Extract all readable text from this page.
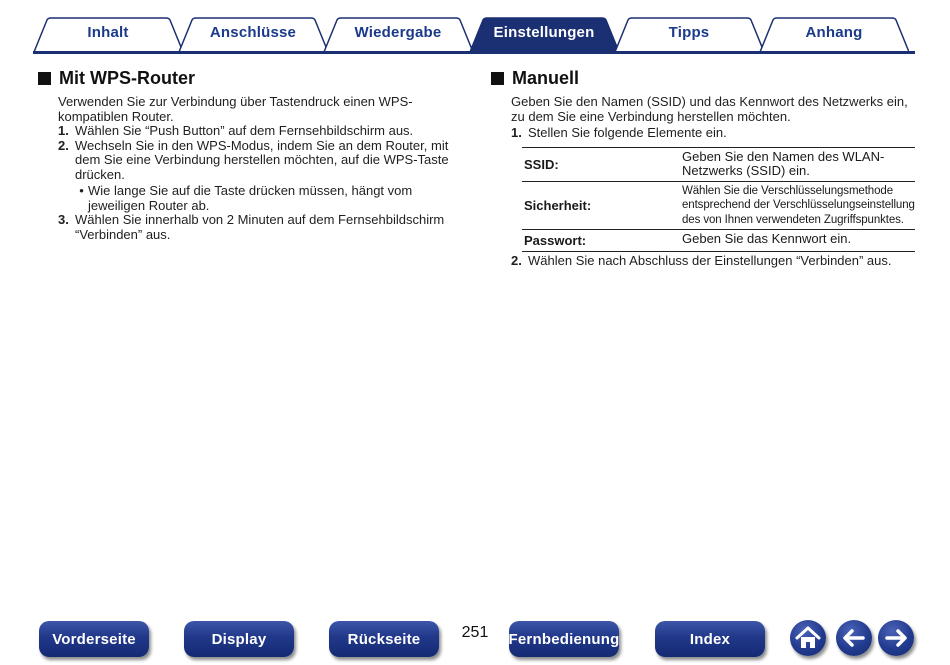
Inhalt	Anschlüsse	Wiedergabe	Einstellungen	Tipps	Anhang
Mit WPS-Router

Verwenden Sie zur Verbindung über Tastendruck einen WPS-kompatiblen Router.

1. Wählen Sie “Push Button” auf dem Fernsehbildschirm aus.
2. Wechseln Sie in den WPS-Modus, indem Sie an dem Router, mit dem Sie eine Verbindung herstellen möchten, auf die WPS-Taste drücken.
• Wie lange Sie auf die Taste drücken müssen, hängt vom jeweiligen Router ab.
3. Wählen Sie innerhalb von 2 Minuten auf dem Fernsehbildschirm “Verbinden” aus.
Manuell

Geben Sie den Namen (SSID) und das Kennwort des Netzwerks ein, zu dem Sie eine Verbindung herstellen möchten.

1. Stellen Sie folgende Elemente ein.
SSID:
Geben Sie den Namen des WLAN-Netzwerks (SSID) ein.
Sicherheit:
Wählen Sie die Verschlüsselungsmethode entsprechend der Verschlüsselungseinstellung des von Ihnen verwendeten Zugriffspunktes.
Passwort:	Geben Sie das Kennwort ein.
2. Wählen Sie nach Abschluss der Einstellungen “Verbinden” aus.
Vorderseite	Display	Rückseite	251	Fernbedienung	Index
